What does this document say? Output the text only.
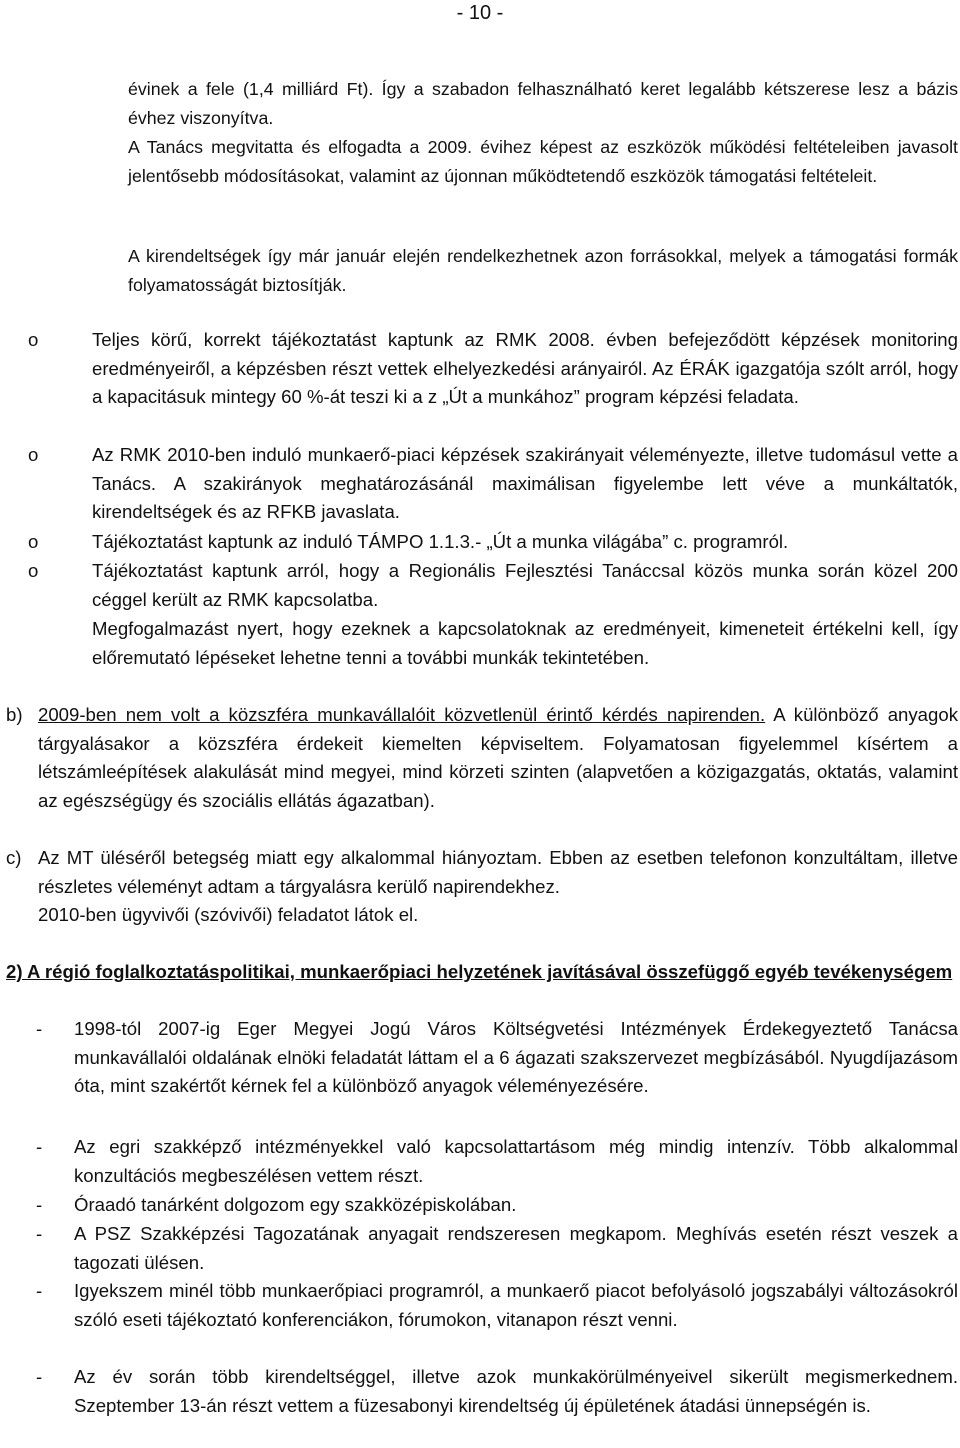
- 10 -

évinek a fele (1,4 milliárd Ft). Így a szabadon felhasználható keret legalább kétszerese lesz a bázis évhez viszonyítva.

A Tanács megvitatta és elfogadta a 2009. évihez képest az eszközök működési feltételeiben javasolt jelentősebb módosításokat, valamint az újonnan működtetendő eszközök támogatási feltételeit.

A kirendeltségek így már január elején rendelkezhetnek azon forrásokkal, melyek a támogatási formák folyamatosságát biztosítják.

o	Teljes körű, korrekt tájékoztatást kaptunk az RMK 2008. évben befejeződött képzések monitoring eredményeiről, a képzésben részt vettek elhelyezkedési arányairól. Az ÉRÁK igazgatója szólt arról, hogy a kapacitásuk mintegy 60 %-át teszi ki a z „Út a munkához” program képzési feladata.

o	Az RMK 2010-ben induló munkaerő-piaci képzések szakirányait véleményezte, illetve tudomásul vette a Tanács. A szakirányok meghatározásánál maximálisan figyelembe lett véve a munkáltatók, kirendeltségek és az RFKB javaslata.

o	Tájékoztatást kaptunk az induló TÁMPO 1.1.3.- „Út a munka világába” c. programról.

o	Tájékoztatást kaptunk arról, hogy a Regionális Fejlesztési Tanáccsal közös munka során közel 200 céggel került az RMK kapcsolatba.

Megfogalmazást nyert, hogy ezeknek a kapcsolatoknak az eredményeit, kimeneteit értékelni kell, így előremutató lépéseket lehetne tenni a további munkák tekintetében.

b) 2009-ben nem volt a közszféra munkavállalóit közvetlenül érintő kérdés napirenden. A különböző anyagok tárgyalásakor a közszféra érdekeit kiemelten képviseltem. Folyamatosan figyelemmel kísértem a létszámleépítések alakulását mind megyei, mind körzeti szinten (alapvetően a közigazgatás, oktatás, valamint az egészségügy és szociális ellátás ágazatban).

c) Az MT üléséről betegség miatt egy alkalommal hiányoztam. Ebben az esetben telefonon konzultáltam, illetve részletes véleményt adtam a tárgyalásra kerülő napirendekhez.

2010-ben ügyvivői (szóvivői) feladatot látok el.

2) A régió foglalkoztatáspolitikai, munkaerőpiaci helyzetének javításával összefüggő egyéb tevékenységem

- 1998-tól 2007-ig Eger Megyei Jogú Város Költségvetési Intézmények Érdekegyeztető Tanácsa munkavállalói oldalának elnöki feladatát láttam el a 6 ágazati szakszervezet megbízásából. Nyugdíjazásom óta, mint szakértőt kérnek fel a különböző anyagok véleményezésére.

- Az egri szakképző intézményekkel való kapcsolattartásom még mindig intenzív. Több alkalommal konzultációs megbeszélésen vettem részt.

- Óraadó tanárként dolgozom egy szakközépiskolában.

- A PSZ Szakképzési Tagozatának anyagait rendszeresen megkapom. Meghívás esetén részt veszek a tagozati ülésen.

- Igyekszem minél több munkaerőpiaci programról, a munkaerő piacot befolyásoló jogszabályi változásokról szóló eseti tájékoztató konferenciákon, fórumokon, vitanapon részt venni.

- Az év során több kirendeltséggel, illetve azok munkakörülményeivel sikerült megismerkednem. Szeptember 13-án részt vettem a füzesabonyi kirendeltség új épületének átadási ünnepségén is.
